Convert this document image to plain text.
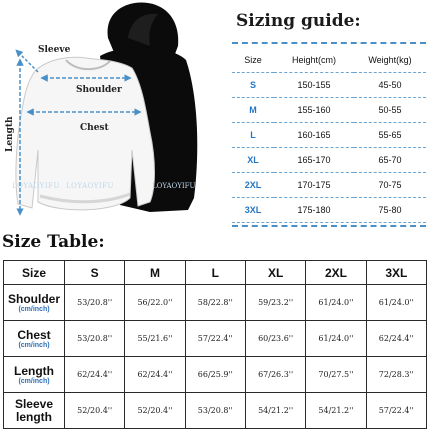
LOYAOYIFU
LOYAOYIFU	LOYAOYIFU
Sleeve
Shoulder
Chest
Length
Sizing guide:
Size	Height(cm)	Weight(kg)
S	150-155	45-50
M	155-160	50-55
L	160-165	55-65
XL	165-170	65-70
2XL	170-175	70-75
3XL	175-180	75-80
Size Table:
Size	S	M	L	XL	2XL	3XL

Shoulder
(cm/inch)	53/20.8''	56/22.0''	58/22.8''	59/23.2''	61/24.0''	61/24.0''

Chest
(cm/inch)	53/20.8''	55/21.6''	57/22.4''	60/23.6''	61/24.0''	62/24.4''

Length
(cm/inch)	62/24.4''	62/24.4''	66/25.9''	67/26.3''	70/27.5''	72/28.3''

Sleeve length	52/20.4''	52/20.4''	53/20.8''	54/21.2''	54/21.2''	57/22.4''
